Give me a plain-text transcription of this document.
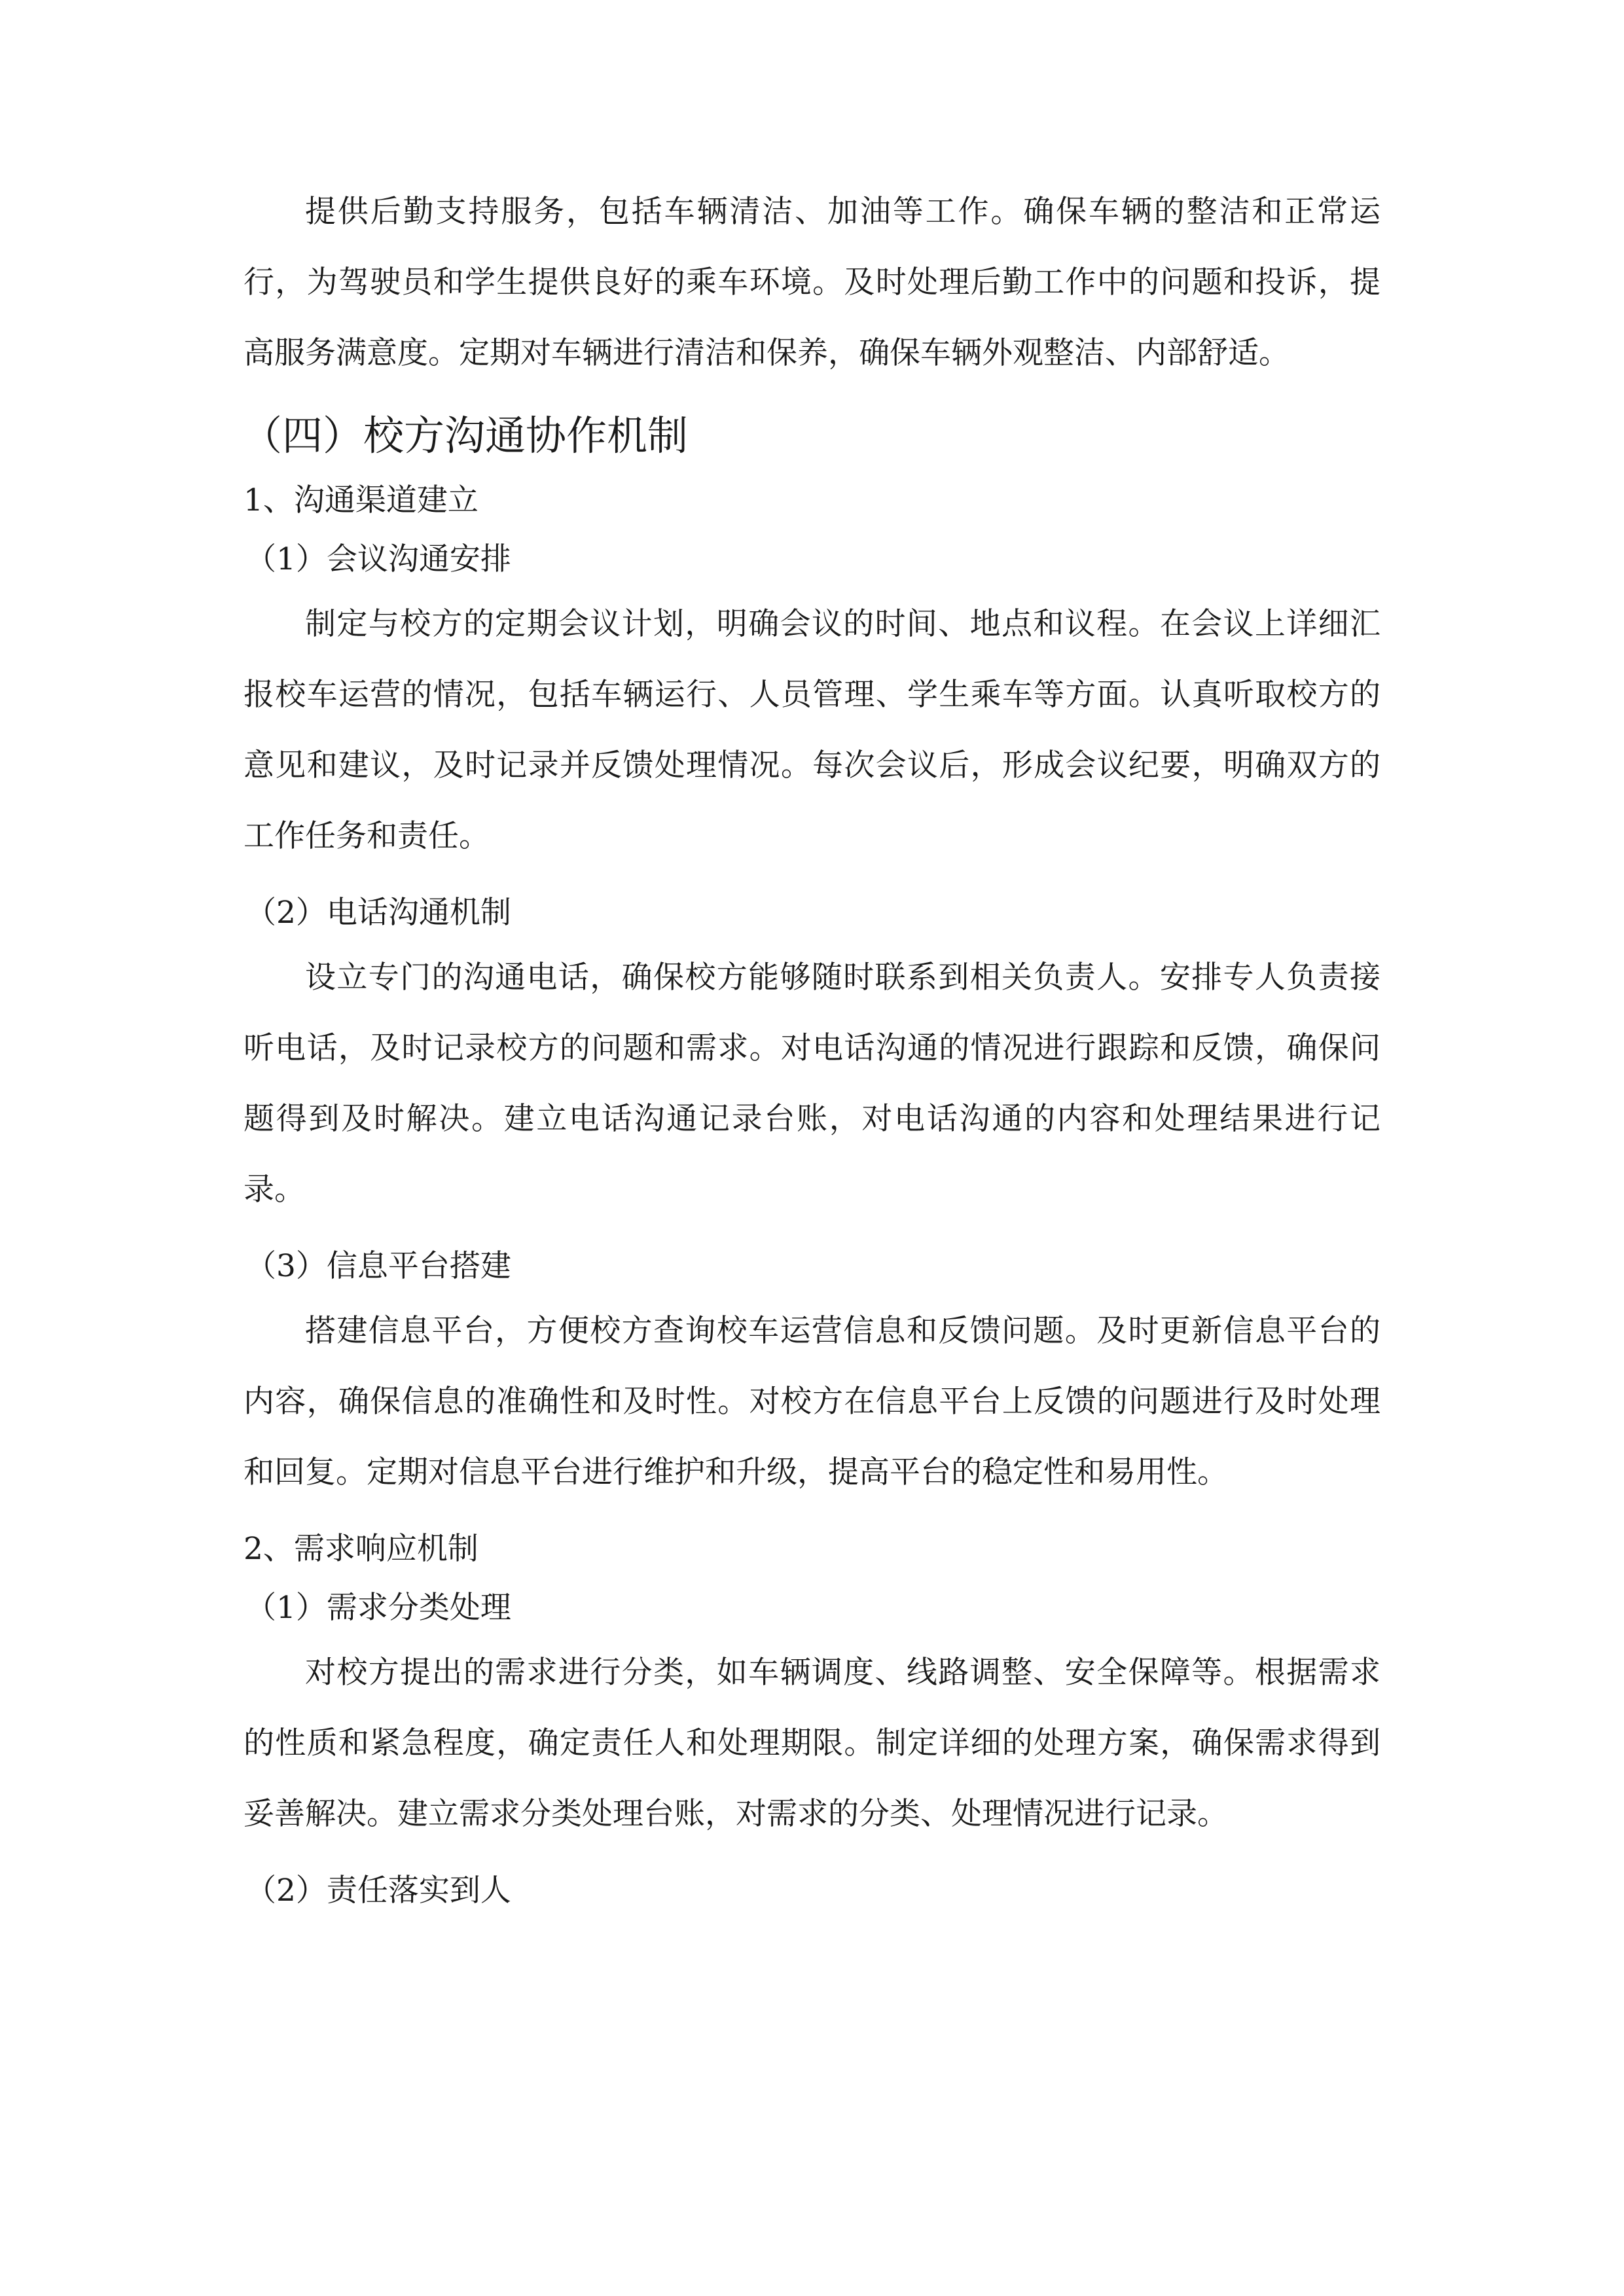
提供后勤支持服务，包括车辆清洁、加油等工作。确保车辆的整洁和正常运行，为驾驶员和学生提供良好的乘车环境。及时处理后勤工作中的问题和投诉，提高服务满意度。定期对车辆进行清洁和保养，确保车辆外观整洁、内部舒适。

（四）校方沟通协作机制

1、沟通渠道建立

（1）会议沟通安排

制定与校方的定期会议计划，明确会议的时间、地点和议程。在会议上详细汇报校车运营的情况，包括车辆运行、人员管理、学生乘车等方面。认真听取校方的意见和建议，及时记录并反馈处理情况。每次会议后，形成会议纪要，明确双方的工作任务和责任。

（2）电话沟通机制

设立专门的沟通电话，确保校方能够随时联系到相关负责人。安排专人负责接听电话，及时记录校方的问题和需求。对电话沟通的情况进行跟踪和反馈，确保问题得到及时解决。建立电话沟通记录台账，对电话沟通的内容和处理结果进行记录。

（3）信息平台搭建

搭建信息平台，方便校方查询校车运营信息和反馈问题。及时更新信息平台的内容，确保信息的准确性和及时性。对校方在信息平台上反馈的问题进行及时处理和回复。定期对信息平台进行维护和升级，提高平台的稳定性和易用性。

2、需求响应机制

（1）需求分类处理

对校方提出的需求进行分类，如车辆调度、线路调整、安全保障等。根据需求的性质和紧急程度，确定责任人和处理期限。制定详细的处理方案，确保需求得到妥善解决。建立需求分类处理台账，对需求的分类、处理情况进行记录。

（2）责任落实到人
